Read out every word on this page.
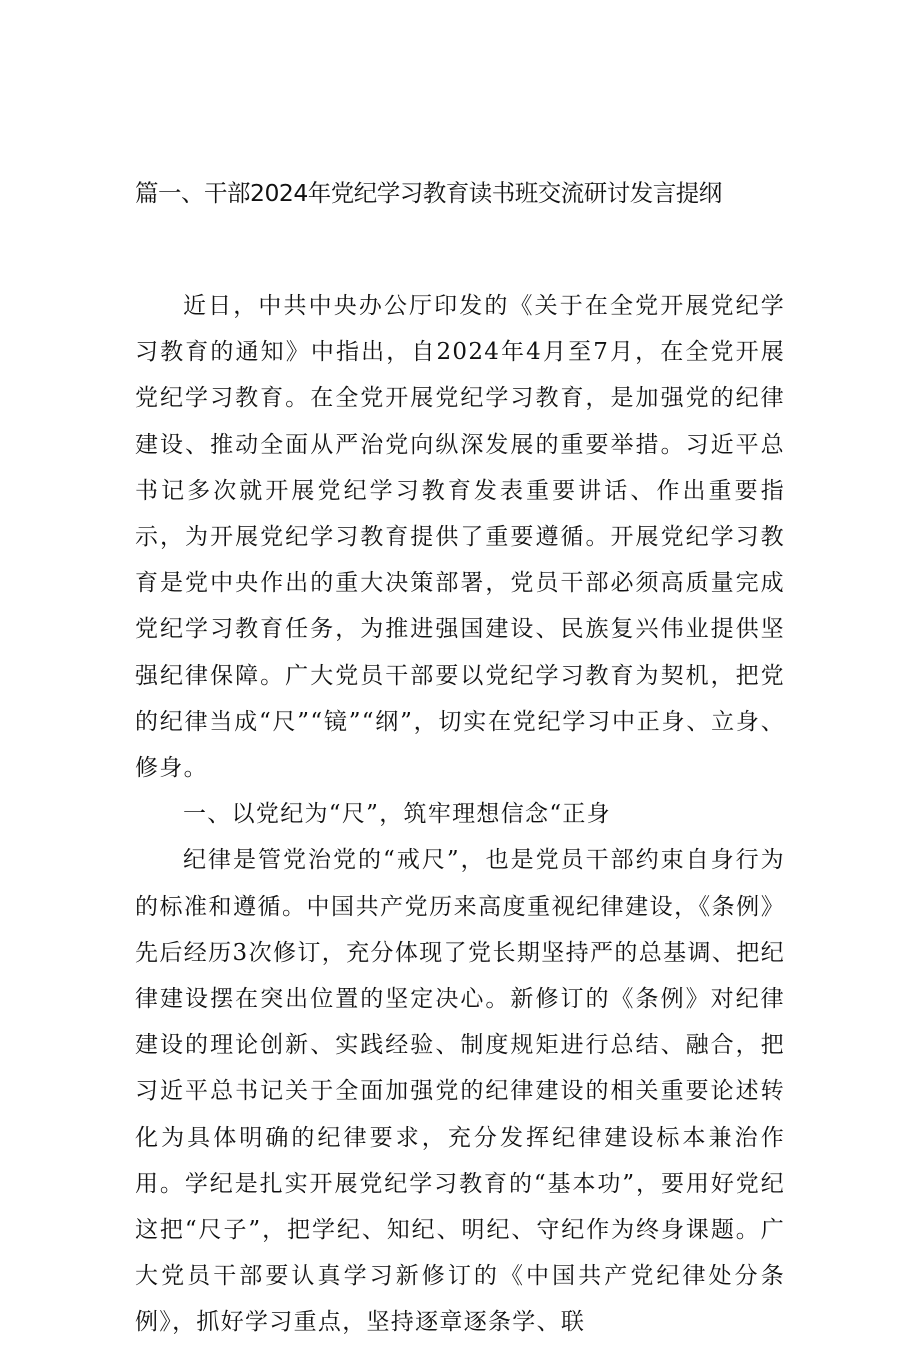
篇一、干部2024年党纪学习教育读书班交流研讨发言提纲

近日，中共中央办公厅印发的《关于在全党开展党纪学习教育的通知》中指出，自2024年4月至7月，在全党开展党纪学习教育。在全党开展党纪学习教育，是加强党的纪律建设、推动全面从严治党向纵深发展的重要举措。习近平总书记多次就开展党纪学习教育发表重要讲话、作出重要指示，为开展党纪学习教育提供了重要遵循。开展党纪学习教育是党中央作出的重大决策部署，党员干部必须高质量完成党纪学习教育任务，为推进强国建设、民族复兴伟业提供坚强纪律保障。广大党员干部要以党纪学习教育为契机，把党的纪律当成“尺”“镜”“纲”，切实在党纪学习中正身、立身、修身。

一、以党纪为“尺”，筑牢理想信念“正身

纪律是管党治党的“戒尺”，也是党员干部约束自身行为的标准和遵循。中国共产党历来高度重视纪律建设，《条例》先后经历3次修订，充分体现了党长期坚持严的总基调、把纪律建设摆在突出位置的坚定决心。新修订的《条例》对纪律建设的理论创新、实践经验、制度规矩进行总结、融合，把习近平总书记关于全面加强党的纪律建设的相关重要论述转化为具体明确的纪律要求，充分发挥纪律建设标本兼治作用。学纪是扎实开展党纪学习教育的“基本功”，要用好党纪这把“尺子”，把学纪、知纪、明纪、守纪作为终身课题。广大党员干部要认真学习新修订的《中国共产党纪律处分条例》，抓好学习重点，坚持逐章逐条学、联
